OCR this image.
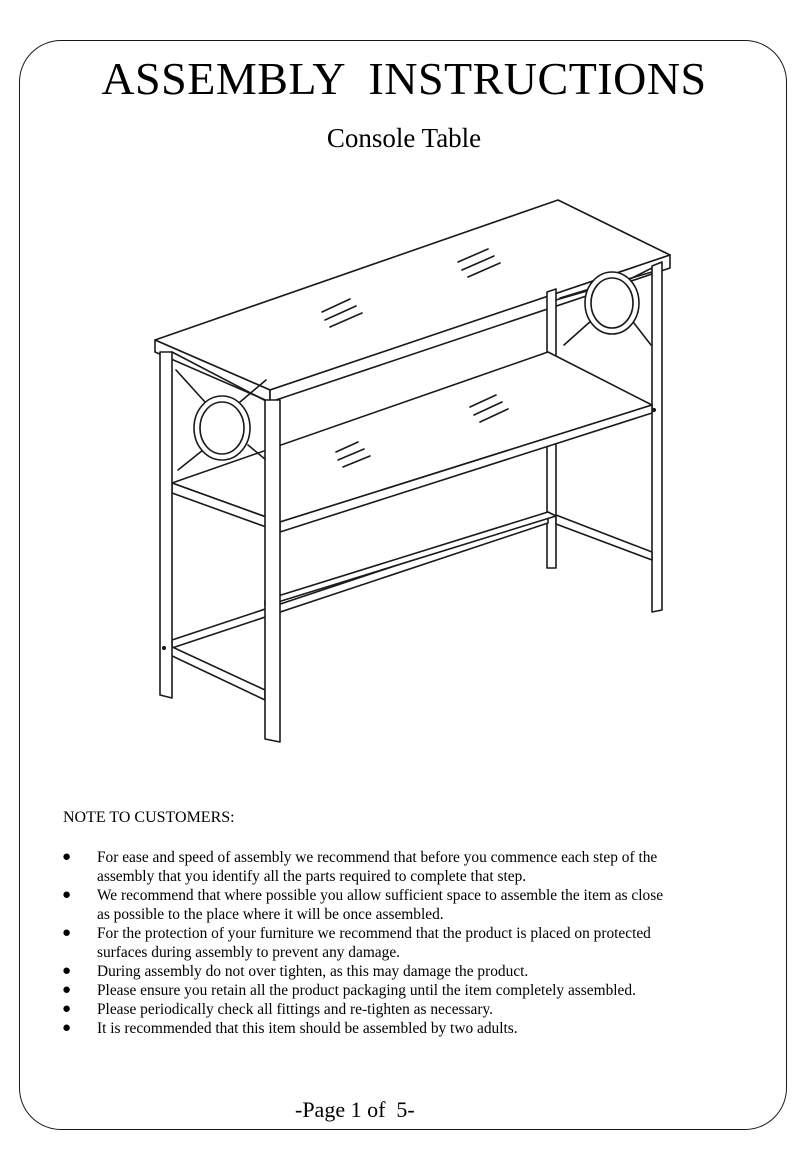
ASSEMBLY  INSTRUCTIONS
Console Table
NOTE TO CUSTOMERS:
● For ease and speed of assembly we recommend that before you commence each step of the
assembly that you identify all the parts required to complete that step.
● We recommend that where possible you allow sufficient space to assemble the item as close
as possible to the place where it will be once assembled.
● For the protection of your furniture we recommend that the product is placed on protected
surfaces during assembly to prevent any damage.
● During assembly do not over tighten, as this may damage the product.
● Please ensure you retain all the product packaging until the item completely assembled.
● Please periodically check all fittings and re-tighten as necessary.
● It is recommended that this item should be assembled by two adults.
-Page 1 of  5-
